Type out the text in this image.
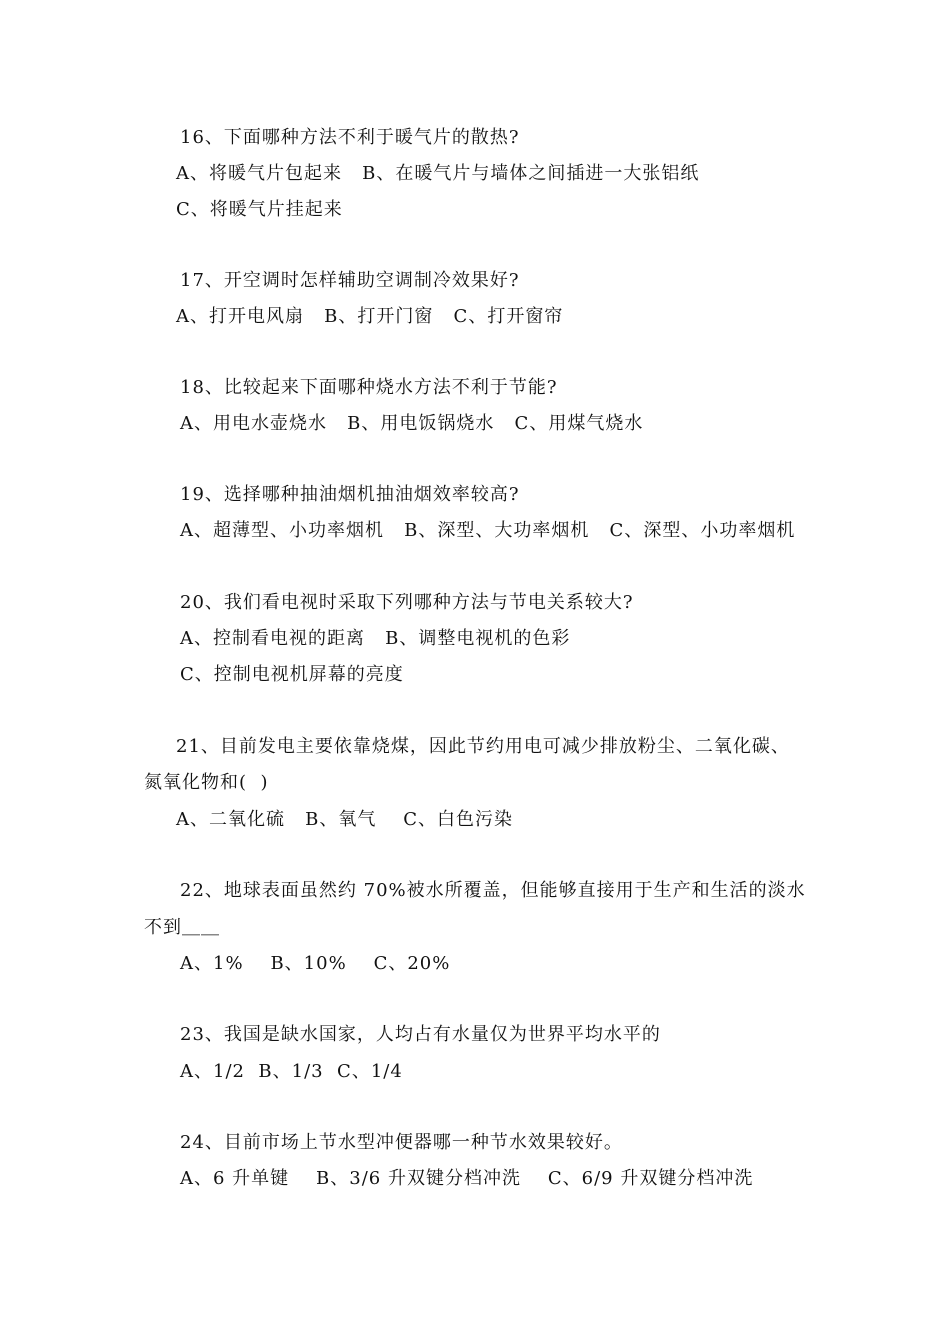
16、下面哪种方法不利于暖气片的散热?
A、将暖气片包起来   B、在暖气片与墙体之间插进一大张铝纸
C、将暖气片挂起来
17、开空调时怎样辅助空调制冷效果好?
A、打开电风扇   B、打开门窗   C、打开窗帘
18、比较起来下面哪种烧水方法不利于节能?
A、用电水壶烧水   B、用电饭锅烧水   C、用煤气烧水
19、选择哪种抽油烟机抽油烟效率较高?
A、超薄型、小功率烟机   B、深型、大功率烟机   C、深型、小功率烟机
20、我们看电视时采取下列哪种方法与节电关系较大?
A、控制看电视的距离   B、调整电视机的色彩
C、控制电视机屏幕的亮度
21、目前发电主要依靠烧煤，因此节约用电可减少排放粉尘、二氧化碳、
氮氧化物和(  )
A、二氧化硫   B、氧气    C、白色污染
22、地球表面虽然约 70%被水所覆盖，但能够直接用于生产和生活的淡水
不到＿＿
A、1%    B、10%    C、20%
23、我国是缺水国家，人均占有水量仅为世界平均水平的
A、1/2  B、1/3  C、1/4
24、目前市场上节水型冲便器哪一种节水效果较好。
A、6 升单键    B、3/6 升双键分档冲洗    C、6/9 升双键分档冲洗
